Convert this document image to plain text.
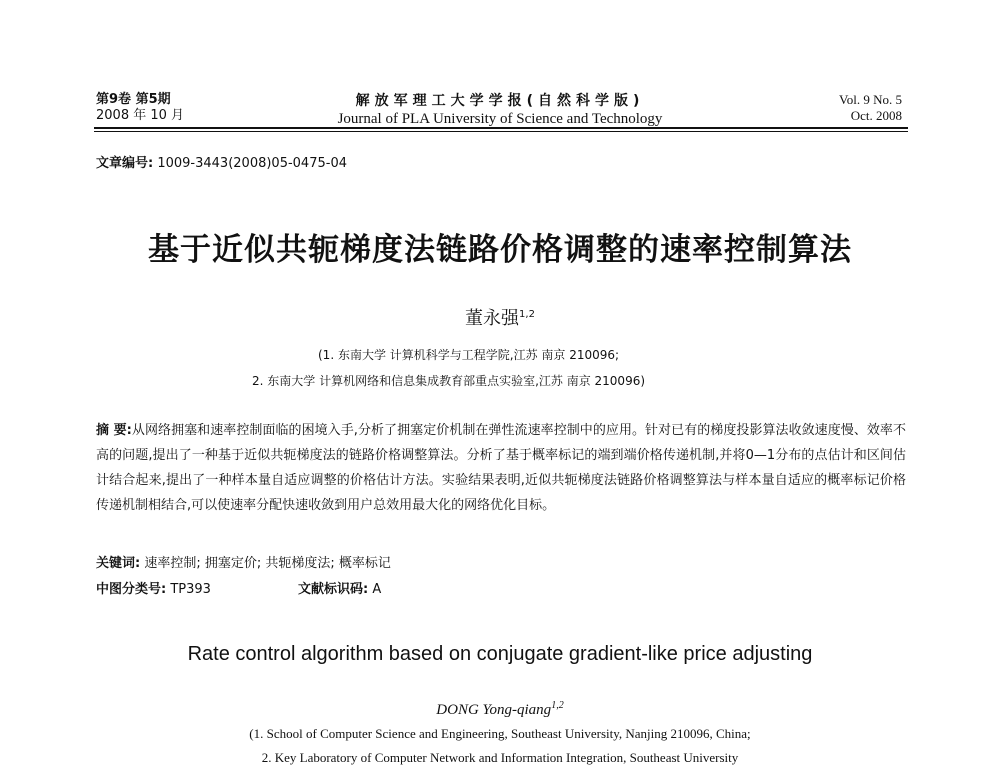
第9卷 第5期
2008 年 10 月
解放军理工大学学报(自然科学版)
Journal of PLA University of Science and Technology
Vol. 9 No. 5
Oct. 2008
文章编号: 1009-3443(2008)05-0475-04
基于近似共轭梯度法链路价格调整的速率控制算法
董永强$^{1,2}$
(1. 东南大学 计算机科学与工程学院,江苏 南京 210096;
2. 东南大学 计算机网络和信息集成教育部重点实验室,江苏 南京 210096)
摘 要:从网络拥塞和速率控制面临的困境入手,分析了拥塞定价机制在弹性流速率控制中的应用。针对已有的梯度投影算法收敛速度慢、效率不高的问题,提出了一种基于近似共轭梯度法的链路价格调整算法。分析了基于概率标记的端到端价格传递机制,并将0—1分布的点估计和区间估计结合起来,提出了一种样本量自适应调整的价格估计方法。实验结果表明,近似共轭梯度法链路价格调整算法与样本量自适应的概率标记价格传递机制相结合,可以使速率分配快速收敛到用户总效用最大化的网络优化目标。
关键词: 速率控制; 拥塞定价; 共轭梯度法; 概率标记
中图分类号: TP393	文献标识码: A
Rate control algorithm based on conjugate gradient-like price adjusting
DONG Yong-qiang$^{1,2}$
(1. School of Computer Science and Engineering, Southeast University, Nanjing 210096, China;
2. Key Laboratory of Computer Network and Information Integration, Southeast University
